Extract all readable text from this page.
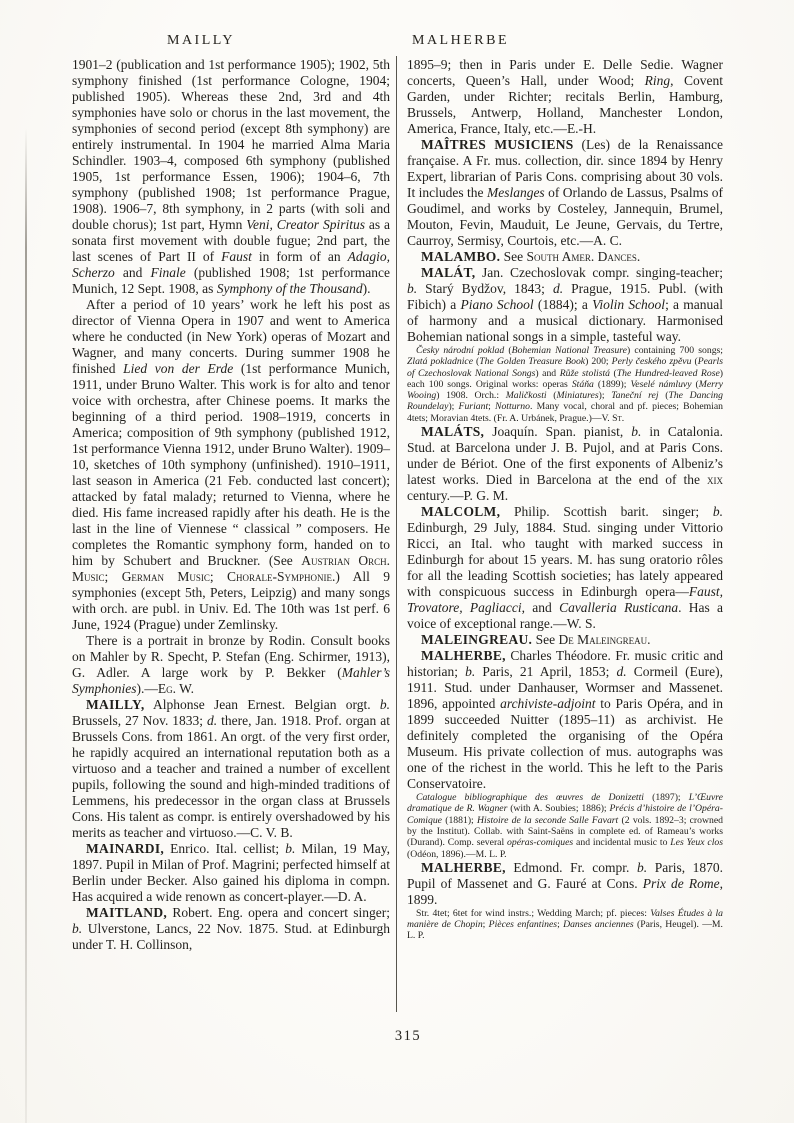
MAILLY	MALHERBE

1901–2 (publication and 1st performance 1905); 1902, 5th symphony finished (1st performance Cologne, 1904; published 1905). Whereas these 2nd, 3rd and 4th symphonies have solo or chorus in the last movement, the symphonies of second period (except 8th symphony) are entirely instrumental. In 1904 he married Alma Maria Schindler. 1903–4, composed 6th symphony (published 1905, 1st performance Essen, 1906); 1904–6, 7th symphony (published 1908; 1st performance Prague, 1908). 1906–7, 8th symphony, in 2 parts (with soli and double chorus); 1st part, Hymn Veni, Creator Spiritus as a sonata first movement with double fugue; 2nd part, the last scenes of Part II of Faust in form of an Adagio, Scherzo and Finale (published 1908; 1st performance Munich, 12 Sept. 1908, as Symphony of the Thousand).

After a period of 10 years’ work he left his post as director of Vienna Opera in 1907 and went to America where he conducted (in New York) operas of Mozart and Wagner, and many concerts. During summer 1908 he finished Lied von der Erde (1st performance Munich, 1911, under Bruno Walter. This work is for alto and tenor voice with orchestra, after Chinese poems. It marks the beginning of a third period. 1908–1919, concerts in America; composition of 9th symphony (published 1912, 1st performance Vienna 1912, under Bruno Walter). 1909–10, sketches of 10th symphony (unfinished). 1910–1911, last season in America (21 Feb. conducted last concert); attacked by fatal malady; returned to Vienna, where he died. His fame increased rapidly after his death. He is the last in the line of Viennese “ classical ” composers. He completes the Romantic symphony form, handed on to him by Schubert and Bruckner. (See Austrian Orch. Music; German Music; Chorale-Symphonie.) All 9 symphonies (except 5th, Peters, Leipzig) and many songs with orch. are publ. in Univ. Ed. The 10th was 1st perf. 6 June, 1924 (Prague) under Zemlinsky.

There is a portrait in bronze by Rodin. Consult books on Mahler by R. Specht, P. Stefan (Eng. Schirmer, 1913), G. Adler. A large work by P. Bekker (Mahler’s Symphonies).—Eg. W.

MAILLY, Alphonse Jean Ernest. Belgian orgt. b. Brussels, 27 Nov. 1833; d. there, Jan. 1918. Prof. organ at Brussels Cons. from 1861. An orgt. of the very first order, he rapidly acquired an international reputation both as a virtuoso and a teacher and trained a number of excellent pupils, following the sound and high-minded traditions of Lemmens, his predecessor in the organ class at Brussels Cons. His talent as compr. is entirely overshadowed by his merits as teacher and virtuoso.—C. V. B.

MAINARDI, Enrico. Ital. cellist; b. Milan, 19 May, 1897. Pupil in Milan of Prof. Magrini; perfected himself at Berlin under Becker. Also gained his diploma in compn. Has acquired a wide renown as concert-player.—D. A.

MAITLAND, Robert. Eng. opera and concert singer; b. Ulverstone, Lancs, 22 Nov. 1875. Stud. at Edinburgh under T. H. Collinson,

1895–9; then in Paris under E. Delle Sedie. Wagner concerts, Queen’s Hall, under Wood; Ring, Covent Garden, under Richter; recitals Berlin, Hamburg, Brussels, Antwerp, Holland, Manchester London, America, France, Italy, etc.—E.-H.

MAÎTRES MUSICIENS (Les) de la Renaissance française. A Fr. mus. collection, dir. since 1894 by Henry Expert, librarian of Paris Cons. comprising about 30 vols. It includes the Meslanges of Orlando de Lassus, Psalms of Goudimel, and works by Costeley, Jannequin, Brumel, Mouton, Fevin, Mauduit, Le Jeune, Gervais, du Tertre, Caurroy, Sermisy, Courtois, etc.—A. C.

MALAMBO. See South Amer. Dances.

MALÁT, Jan. Czechoslovak compr. singing-teacher; b. Starý Bydžov, 1843; d. Prague, 1915. Publ. (with Fibich) a Piano School (1884); a Violin School; a manual of harmony and a musical dictionary. Harmonised Bohemian national songs in a simple, tasteful way.

Česky národní poklad (Bohemian National Treasure) containing 700 songs; Zlatá pokladnice (The Golden Treasure Book) 200; Perly českého zpěvu (Pearls of Czechoslovak National Songs) and Růže stolistá (The Hundred-leaved Rose) each 100 songs. Original works: operas Stáňa (1899); Veselé námluvy (Merry Wooing) 1908. Orch.: Maličkosti (Miniatures); Taneční rej (The Dancing Roundelay); Furiant; Notturno. Many vocal, choral and pf. pieces; Bohemian 4tets; Moravian 4tets. (Fr. A. Urbánek, Prague.)—V. St.

MALÁTS, Joaquín. Span. pianist, b. in Catalonia. Stud. at Barcelona under J. B. Pujol, and at Paris Cons. under de Bériot. One of the first exponents of Albeniz’s latest works. Died in Barcelona at the end of the xix century.—P. G. M.

MALCOLM, Philip. Scottish barit. singer; b. Edinburgh, 29 July, 1884. Stud. singing under Vittorio Ricci, an Ital. who taught with marked success in Edinburgh for about 15 years. M. has sung oratorio rôles for all the leading Scottish societies; has lately appeared with conspicuous success in Edinburgh opera—Faust, Trovatore, Pagliacci, and Cavalleria Rusticana. Has a voice of exceptional range.—W. S.

MALEINGREAU. See De Maleingreau.

MALHERBE, Charles Théodore. Fr. music critic and historian; b. Paris, 21 April, 1853; d. Cormeil (Eure), 1911. Stud. under Danhauser, Wormser and Massenet. 1896, appointed archiviste-adjoint to Paris Opéra, and in 1899 succeeded Nuitter (1895–11) as archivist. He definitely completed the organising of the Opéra Museum. His private collection of mus. autographs was one of the richest in the world. This he left to the Paris Conservatoire.

Catalogue bibliographique des œuvres de Donizetti (1897); L’Œuvre dramatique de R. Wagner (with A. Soubies; 1886); Précis d’histoire de l’Opéra-Comique (1881); Histoire de la seconde Salle Favart (2 vols. 1892–3; crowned by the Institut). Collab. with Saint-Saëns in complete ed. of Rameau’s works (Durand). Comp. several opéras-comiques and incidental music to Les Yeux clos (Odéon, 1896).—M. L. P.

MALHERBE, Edmond. Fr. compr. b. Paris, 1870. Pupil of Massenet and G. Fauré at Cons. Prix de Rome, 1899.

Str. 4tet; 6tet for wind instrs.; Wedding March; pf. pieces: Valses Études à la manière de Chopin; Pièces enfantines; Danses anciennes (Paris, Heugel). —M. L. P.

315
